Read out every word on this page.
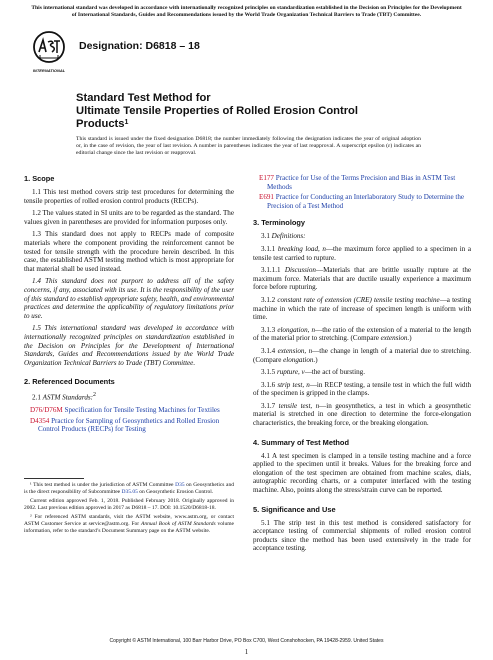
This international standard was developed in accordance with internationally recognized principles on standardization established in the Decision on Principles for the Development of International Standards, Guides and Recommendations issued by the World Trade Organization Technical Barriers to Trade (TBT) Committee.
INTERNATIONAL
Designation: D6818 – 18
Standard Test Method for
Ultimate Tensile Properties of Rolled Erosion Control
Products$^1$
This standard is issued under the fixed designation D6818; the number immediately following the designation indicates the year of original adoption or, in the case of revision, the year of last revision. A number in parentheses indicates the year of last reapproval. A superscript epsilon (ε) indicates an editorial change since the last revision or reapproval.
1. Scope

1.1 This test method covers strip test procedures for determining the tensile properties of rolled erosion control products (RECPs).

1.2 The values stated in SI units are to be regarded as the standard. The values given in parentheses are provided for information purposes only.

1.3 This standard does not apply to RECPs made of composite materials where the component providing the reinforcement cannot be tested for tensile strength with the procedure herein described. In this case, the established ASTM testing method which is most appropriate for that material shall be used instead.

1.4 This standard does not purport to address all of the safety concerns, if any, associated with its use. It is the responsibility of the user of this standard to establish appropriate safety, health, and environmental practices and determine the applicability of regulatory limitations prior to use.

1.5 This international standard was developed in accordance with internationally recognized principles on standardization established in the Decision on Principles for the Development of International Standards, Guides and Recommendations issued by the World Trade Organization Technical Barriers to Trade (TBT) Committee.

2. Referenced Documents

2.1 ASTM Standards:$^2$

D76/D76M Specification for Tensile Testing Machines for Textiles
D4354 Practice for Sampling of Geosynthetics and Rolled Erosion Control Products (RECPs) for Testing

¹ This test method is under the jurisdiction of ASTM Committee D35 on Geosynthetics and is the direct responsibility of Subcommittee D35.05 on Geosynthetic Erosion Control.

Current edition approved Feb. 1, 2018. Published February 2018. Originally approved in 2002. Last previous edition approved in 2017 as D6818 – 17. DOI: 10.1520/D6818-18.

² For referenced ASTM standards, visit the ASTM website, www.astm.org, or contact ASTM Customer Service at service@astm.org. For Annual Book of ASTM Standards volume information, refer to the standard’s Document Summary page on the ASTM website.

E177 Practice for Use of the Terms Precision and Bias in ASTM Test Methods
E691 Practice for Conducting an Interlaboratory Study to Determine the Precision of a Test Method
3. Terminology

3.1 Definitions:

3.1.1 breaking load, n—the maximum force applied to a specimen in a tensile test carried to rupture.

3.1.1.1 Discussion—Materials that are brittle usually rupture at the maximum force. Materials that are ductile usually experience a maximum force before rupturing.

3.1.2 constant rate of extension (CRE) tensile testing machine—a testing machine in which the rate of increase of specimen length is uniform with time.

3.1.3 elongation, n—the ratio of the extension of a material to the length of the material prior to stretching. (Compare extension.)

3.1.4 extension, n—the change in length of a material due to stretching. (Compare elongation.)

3.1.5 rupture, v—the act of bursting.

3.1.6 strip test, n—in RECP testing, a tensile test in which the full width of the specimen is gripped in the clamps.

3.1.7 tensile test, n—in geosynthetics, a test in which a geosynthetic material is stretched in one direction to determine the force-elongation characteristics, the breaking force, or the breaking elongation.

4. Summary of Test Method

4.1 A test specimen is clamped in a tensile testing machine and a force applied to the specimen until it breaks. Values for the breaking force and elongation of the test specimen are obtained from machine scales, dials, autographic recording charts, or a computer interfaced with the testing machine. Also, points along the stress/strain curve can be reported.

5. Significance and Use

5.1 The strip test in this test method is considered satisfactory for acceptance testing of commercial shipments of rolled erosion control products since the method has been used extensively in the trade for acceptance testing.

Copyright © ASTM International, 100 Barr Harbor Drive, PO Box C700, West Conshohocken, PA 19428-2959. United States
1
